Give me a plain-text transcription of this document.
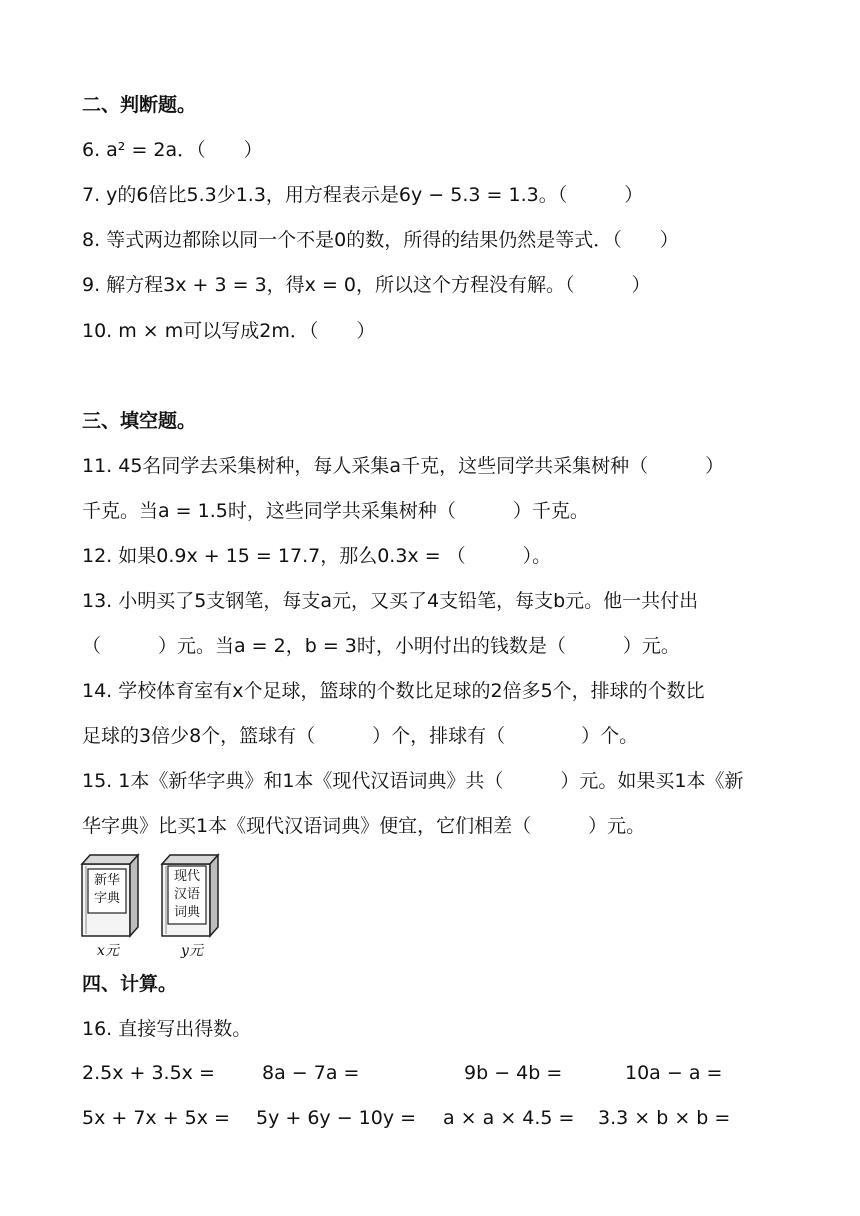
二、判断题。
6. a² = 2a．（　　）
7. y的6倍比5.3少1.3，用方程表示是6y − 5.3 = 1.3。（　　　）
8. 等式两边都除以同一个不是0的数，所得的结果仍然是等式．（　　）
9. 解方程3x + 3 = 3，得x = 0，所以这个方程没有解。（　　　）
10. m × m可以写成2m．（　　）
三、填空题。
11. 45名同学去采集树种，每人采集a千克，这些同学共采集树种（　　　）
千克。当a = 1.5时，这些同学共采集树种（　　　）千克。
12. 如果0.9x + 15 = 17.7，那么0.3x = （　　　）。
13. 小明买了5支钢笔，每支a元，又买了4支铅笔，每支b元。他一共付出
（　　　）元。当a = 2，b = 3时，小明付出的钱数是（　　　）元。
14. 学校体育室有x个足球，篮球的个数比足球的2倍多5个，排球的个数比
足球的3倍少8个，篮球有（　　　）个，排球有（　　　　）个。
15. 1本《新华字典》和1本《现代汉语词典》共（　　　）元。如果买1本《新
华字典》比买1本《现代汉语词典》便宜，它们相差（　　　）元。
新华
字典
x元
现代
汉语
词典
y元
四、计算。
16. 直接写出得数。
2.5x + 3.5x = 8a − 7a =	9b − 4b =	10a − a =
5x + 7x + 5x = 5y + 6y − 10y = a × a × 4.5 = 3.3 × b × b =
